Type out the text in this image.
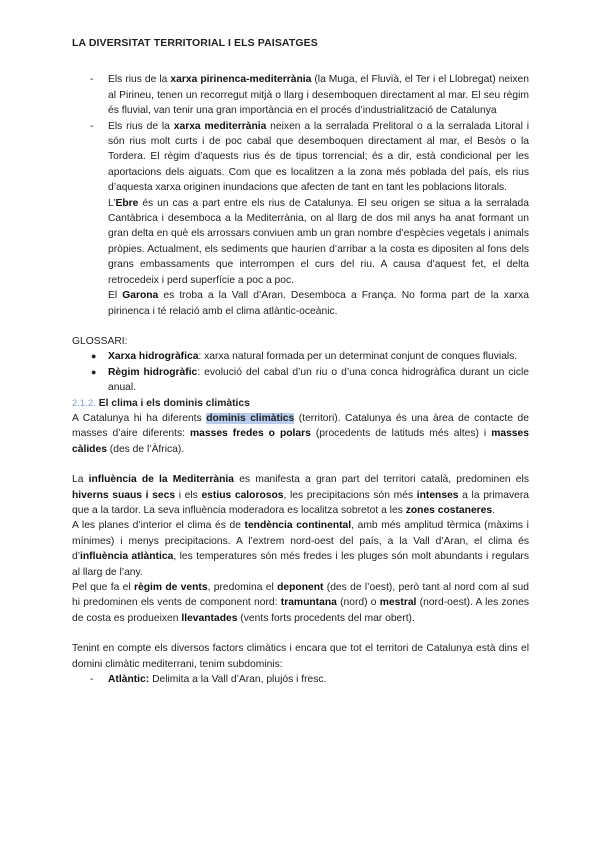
LA DIVERSITAT TERRITORIAL I ELS PAISATGES
- Els rius de la xarxa pirinenca-mediterrània (la Muga, el Fluvià, el Ter i el Llobregat) neixen al Pirineu, tenen un recorregut mitjà o llarg i desemboquen directament al mar. El seu règim és fluvial, van tenir una gran importància en el procés d’industrialització de Catalunya
- Els rius de la xarxa mediterrània neixen a la serralada Prelitoral o a la serralada Litoral i són rius molt curts i de poc cabal que desemboquen directament al mar, el Besòs o la Tordera. El règim d’aquests rius és de tipus torrencial; és a dir, està condicional per les aportacions dels aiguats. Com que es localitzen a la zona més poblada del país, els rius d’aquesta xarxa originen inundacions que afecten de tant en tant les poblacions litorals.
L’Ebre és un cas a part entre els rius de Catalunya. El seu origen se situa a la serralada Cantàbrica i desemboca a la Mediterrània, on al llarg de dos mil anys ha anat formant un gran delta en què els arrossars conviuen amb un gran nombre d’espècies vegetals i animals pròpies. Actualment, els sediments que haurien d’arribar a la costa es dipositen al fons dels grans embassaments que interrompen el curs del riu. A causa d’aquest fet, el delta retrocedeix i perd superfície a poc a poc.
El Garona es troba a la Vall d’Aran. Desemboca a França. No forma part de la xarxa pirinenca i té relació amb el clima atlàntic-oceànic.
GLOSSARI:
● Xarxa hidrogràfica: xarxa natural formada per un determinat conjunt de conques fluvials.
● Règim hidrogràfic: evolució del cabal d’un riu o d’una conca hidrogràfica durant un cicle anual.
2.1.2. El clima i els dominis climàtics

A Catalunya hi ha diferents dominis climàtics (territori). Catalunya és una àrea de contacte de masses d’aire diferents: masses fredes o polars (procedents de latituds més altes) i masses càlides (des de l’Àfrica).

La influència de la Mediterrània es manifesta a gran part del territori català, predominen els hiverns suaus i secs i els estius calorosos, les precipitacions són més intenses a la primavera que a la tardor. La seva influència moderadora es localitza sobretot a les zones costaneres.

A les planes d’interior el clima és de tendència continental, amb més amplitud tèrmica (màxims i mínimes) i menys precipitacions. A l’extrem nord-oest del país, a la Vall d’Aran, el clima és d’influència atlàntica, les temperatures són més fredes i les pluges són molt abundants i regulars al llarg de l’any.

Pel que fa el règim de vents, predomina el deponent (des de l’oest), però tant al nord com al sud hi predominen els vents de component nord: tramuntana (nord) o mestral (nord-oest). A les zones de costa es produeixen llevantades (vents forts procedents del mar obert).

Tenint en compte els diversos factors climàtics i encara que tot el territori de Catalunya està dins el domini climàtic mediterrani, tenim subdominis:

- Atlàntic: Delimita a la Vall d’Aran, plujós i fresc.
